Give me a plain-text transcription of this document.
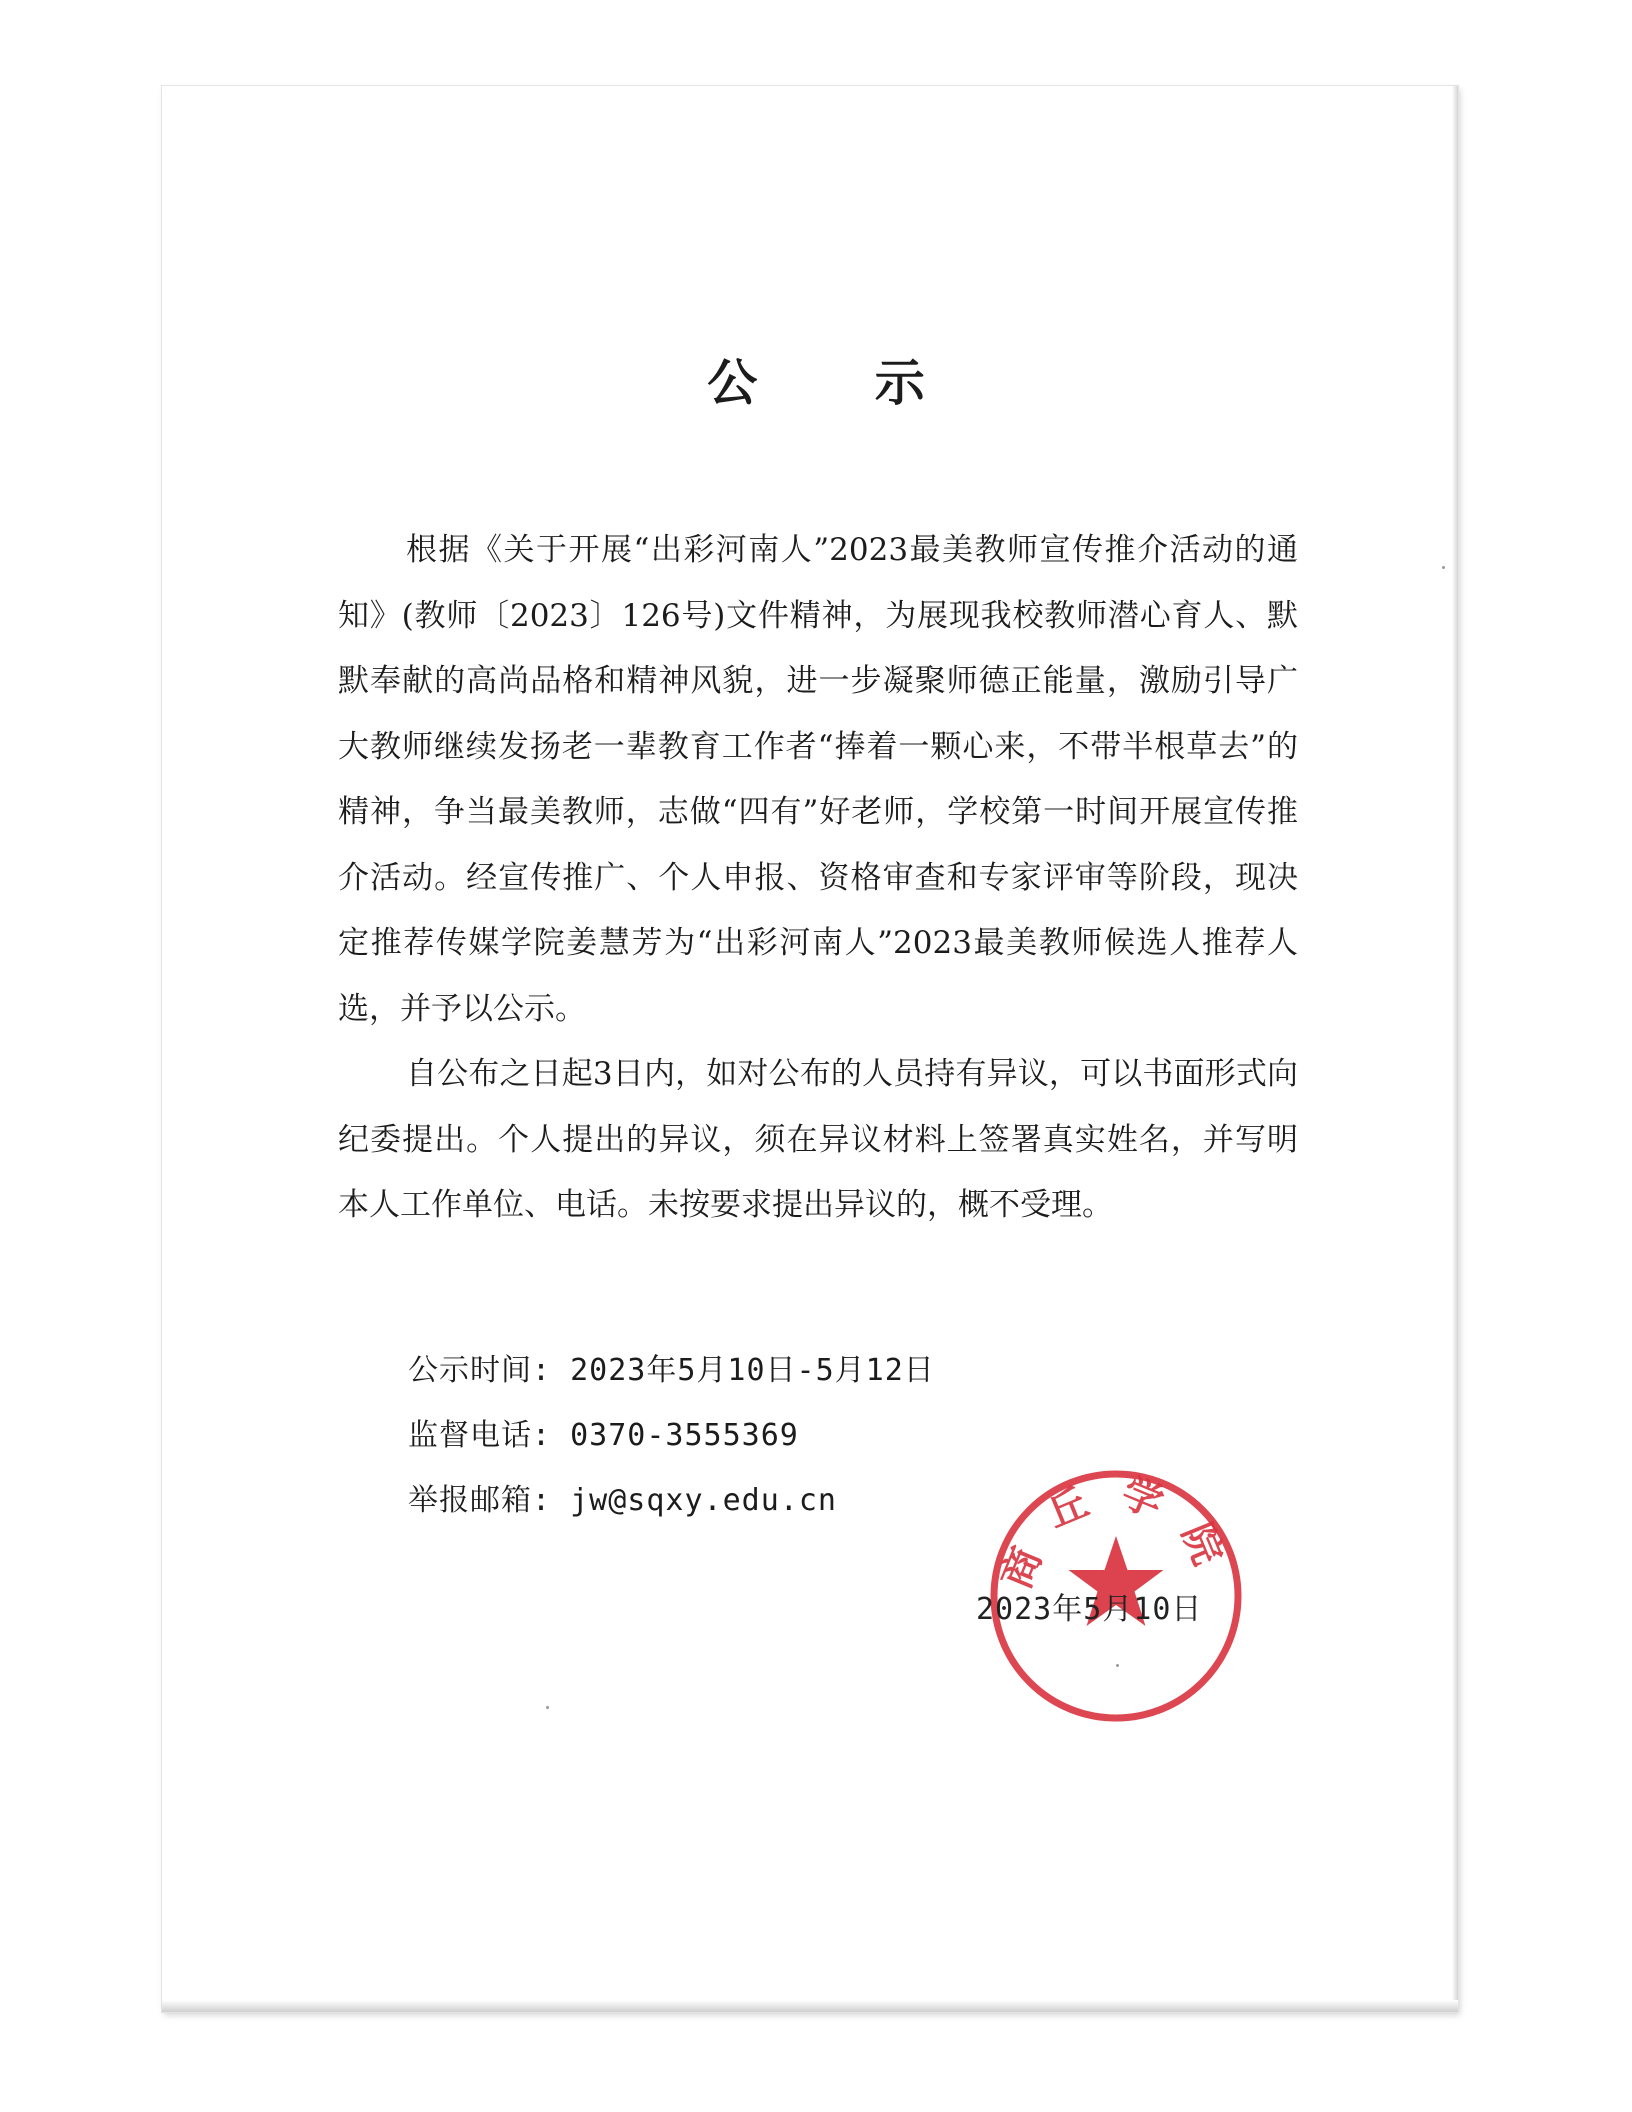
公 示

根据《关于开展“出彩河南人”2023最美教师宣传推介活动的通知》(教师〔2023〕126号)文件精神，为展现我校教师潜心育人、默默奉献的高尚品格和精神风貌，进一步凝聚师德正能量，激励引导广大教师继续发扬老一辈教育工作者“捧着一颗心来，不带半根草去”的精神，争当最美教师，志做“四有”好老师，学校第一时间开展宣传推介活动。经宣传推广、个人申报、资格审查和专家评审等阶段，现决定推荐传媒学院姜慧芳为“出彩河南人”2023最美教师候选人推荐人选，并予以公示。

自公布之日起3日内，如对公布的人员持有异议，可以书面形式向纪委提出。个人提出的异议，须在异议材料上签署真实姓名，并写明本人工作单位、电话。未按要求提出异议的，概不受理。

公示时间: 2023年5月10日-5月12日
监督电话: 0370-3555369
举报邮箱: jw@sqxy.edu.cn
商丘学院
2023年5月10日
